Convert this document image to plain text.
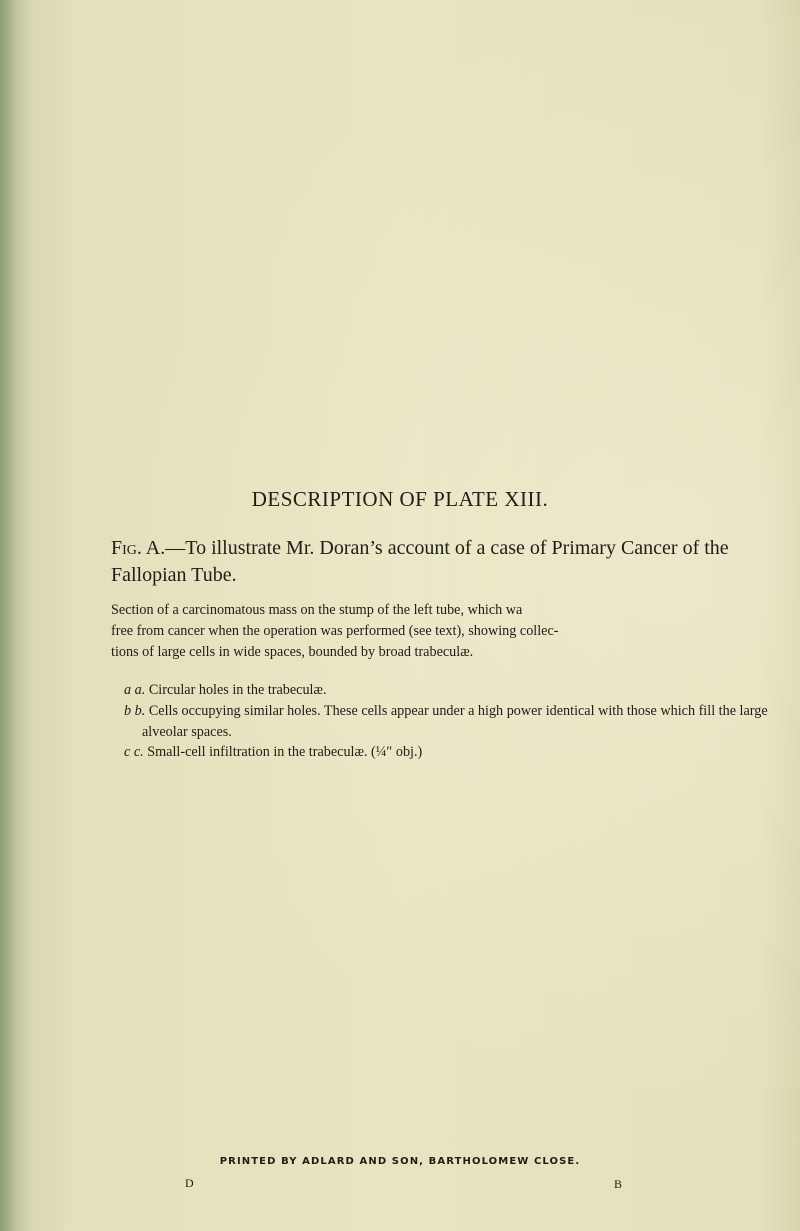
DESCRIPTION OF PLATE XIII.

Fig. A.—To illustrate Mr. Doran’s account of a case of Primary Cancer of the Fallopian Tube.

Section of a carcinomatous mass on the stump of the left tube, which wa
free from cancer when the operation was performed (see text), showing collec-
tions of large cells in wide spaces, bounded by broad trabeculæ.

a a. Circular holes in the trabeculæ.
b b. Cells occupying similar holes. These cells appear under a high power identical with those which fill the large alveolar spaces.
c c. Small-cell infiltration in the trabeculæ. (¼″ obj.)

PRINTED BY ADLARD AND SON, BARTHOLOMEW CLOSE.

D	B
